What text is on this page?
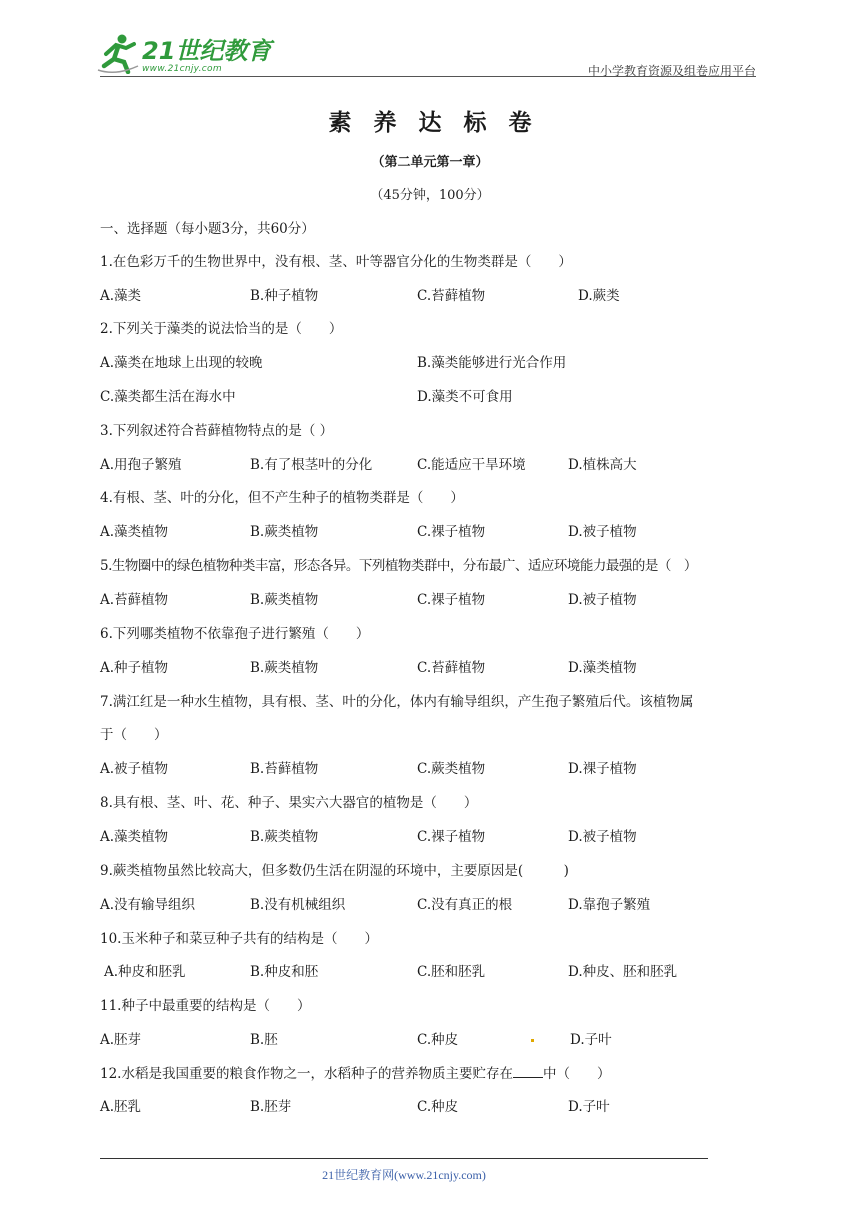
21世纪教育
www.21cnjy.com	中小学教育资源及组卷应用平台
素养达标卷
（第二单元第一章）
（45分钟，100分）
一、选择题（每小题3分，共60分）
1.在色彩万千的生物世界中，没有根、茎、叶等器官分化的生物类群是（　　）
A.藻类	B.种子植物	C.苔藓植物	D.蕨类
2.下列关于藻类的说法恰当的是（　　）
A.藻类在地球上出现的较晚	B.藻类能够进行光合作用
C.藻类都生活在海水中	D.藻类不可食用
3.下列叙述符合苔藓植物特点的是（ ）
A.用孢子繁殖	B.有了根茎叶的分化	C.能适应干旱环境	D.植株高大
4.有根、茎、叶的分化，但不产生种子的植物类群是（　　）
A.藻类植物	B.蕨类植物	C.裸子植物	D.被子植物
5.生物圈中的绿色植物种类丰富，形态各异。下列植物类群中，分布最广、适应环境能力最强的是（　）
A.苔藓植物	B.蕨类植物	C.裸子植物	D.被子植物
6.下列哪类植物不依靠孢子进行繁殖（　　）
A.种子植物	B.蕨类植物	C.苔藓植物	D.藻类植物
7.满江红是一种水生植物，具有根、茎、叶的分化，体内有输导组织，产生孢子繁殖后代。该植物属
于（　　）
A.被子植物	B.苔藓植物	C.蕨类植物	D.裸子植物
8.具有根、茎、叶、花、种子、果实六大器官的植物是（　　）
A.藻类植物	B.蕨类植物	C.裸子植物	D.被子植物
9.蕨类植物虽然比较高大，但多数仍生活在阴湿的环境中，主要原因是(　　　)
A.没有输导组织	B.没有机械组织	C.没有真正的根	D.靠孢子繁殖
10.玉米种子和菜豆种子共有的结构是（　　）
A.种皮和胚乳	B.种皮和胚	C.胚和胚乳	D.种皮、胚和胚乳
11.种子中最重要的结构是（　　）
A.胚芽	B.胚	C.种皮	D.子叶
12.水稻是我国重要的粮食作物之一，水稻种子的营养物质主要贮存在 中（　　）
A.胚乳	B.胚芽	C.种皮	D.子叶
21世纪教育网(www.21cnjy.com)
